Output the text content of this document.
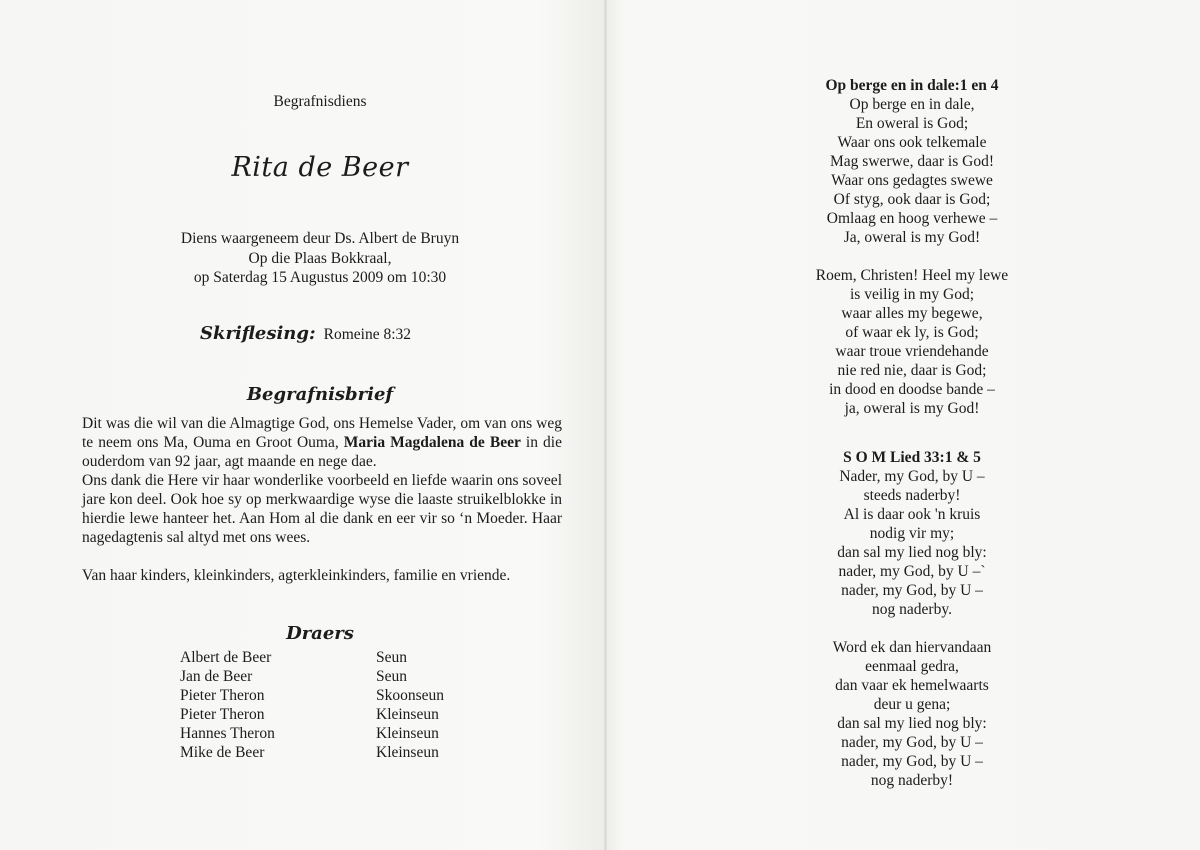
Begrafnisdiens
Rita de Beer
Diens waargeneem deur Ds. Albert de Bruyn
Op die Plaas Bokkraal,
op Saterdag 15 Augustus 2009 om 10:30
Skriflesing: Romeine 8:32
Begrafnisbrief

Dit was die wil van die Almagtige God, ons Hemelse Vader, om van ons weg te neem ons Ma, Ouma en Groot Ouma, Maria Magdalena de Beer in die ouderdom van 92 jaar, agt maande en nege dae.

Ons dank die Here vir haar wonderlike voorbeeld en liefde waarin ons soveel jare kon deel. Ook hoe sy op merkwaardige wyse die laaste struikelblokke in hierdie lewe hanteer het. Aan Hom al die dank en eer vir so ‘n Moeder. Haar nagedagtenis sal altyd met ons wees.

Van haar kinders, kleinkinders, agterkleinkinders, familie en vriende.

Draers
Albert de Beer	Seun
Jan de Beer	Seun
Pieter Theron	Skoonseun
Pieter Theron	Kleinseun
Hannes Theron	Kleinseun
Mike de Beer	Kleinseun
Op berge en in dale:1 en 4
Op berge en in dale,
En oweral is God;
Waar ons ook telkemale
Mag swerwe, daar is God!
Waar ons gedagtes swewe
Of styg, ook daar is God;
Omlaag en hoog verhewe –
Ja, oweral is my God!
Roem, Christen! Heel my lewe
is veilig in my God;
waar alles my begewe,
of waar ek ly, is God;
waar troue vriendehande
nie red nie, daar is God;
in dood en doodse bande –
ja, oweral is my God!
S O M Lied 33:1 & 5
Nader, my God, by U –
steeds naderby!
Al is daar ook 'n kruis
nodig vir my;
dan sal my lied nog bly:
nader, my God, by U –`
nader, my God, by U –
nog naderby.
Word ek dan hiervandaan
eenmaal gedra,
dan vaar ek hemelwaarts
deur u gena;
dan sal my lied nog bly:
nader, my God, by U –
nader, my God, by U –
nog naderby!
